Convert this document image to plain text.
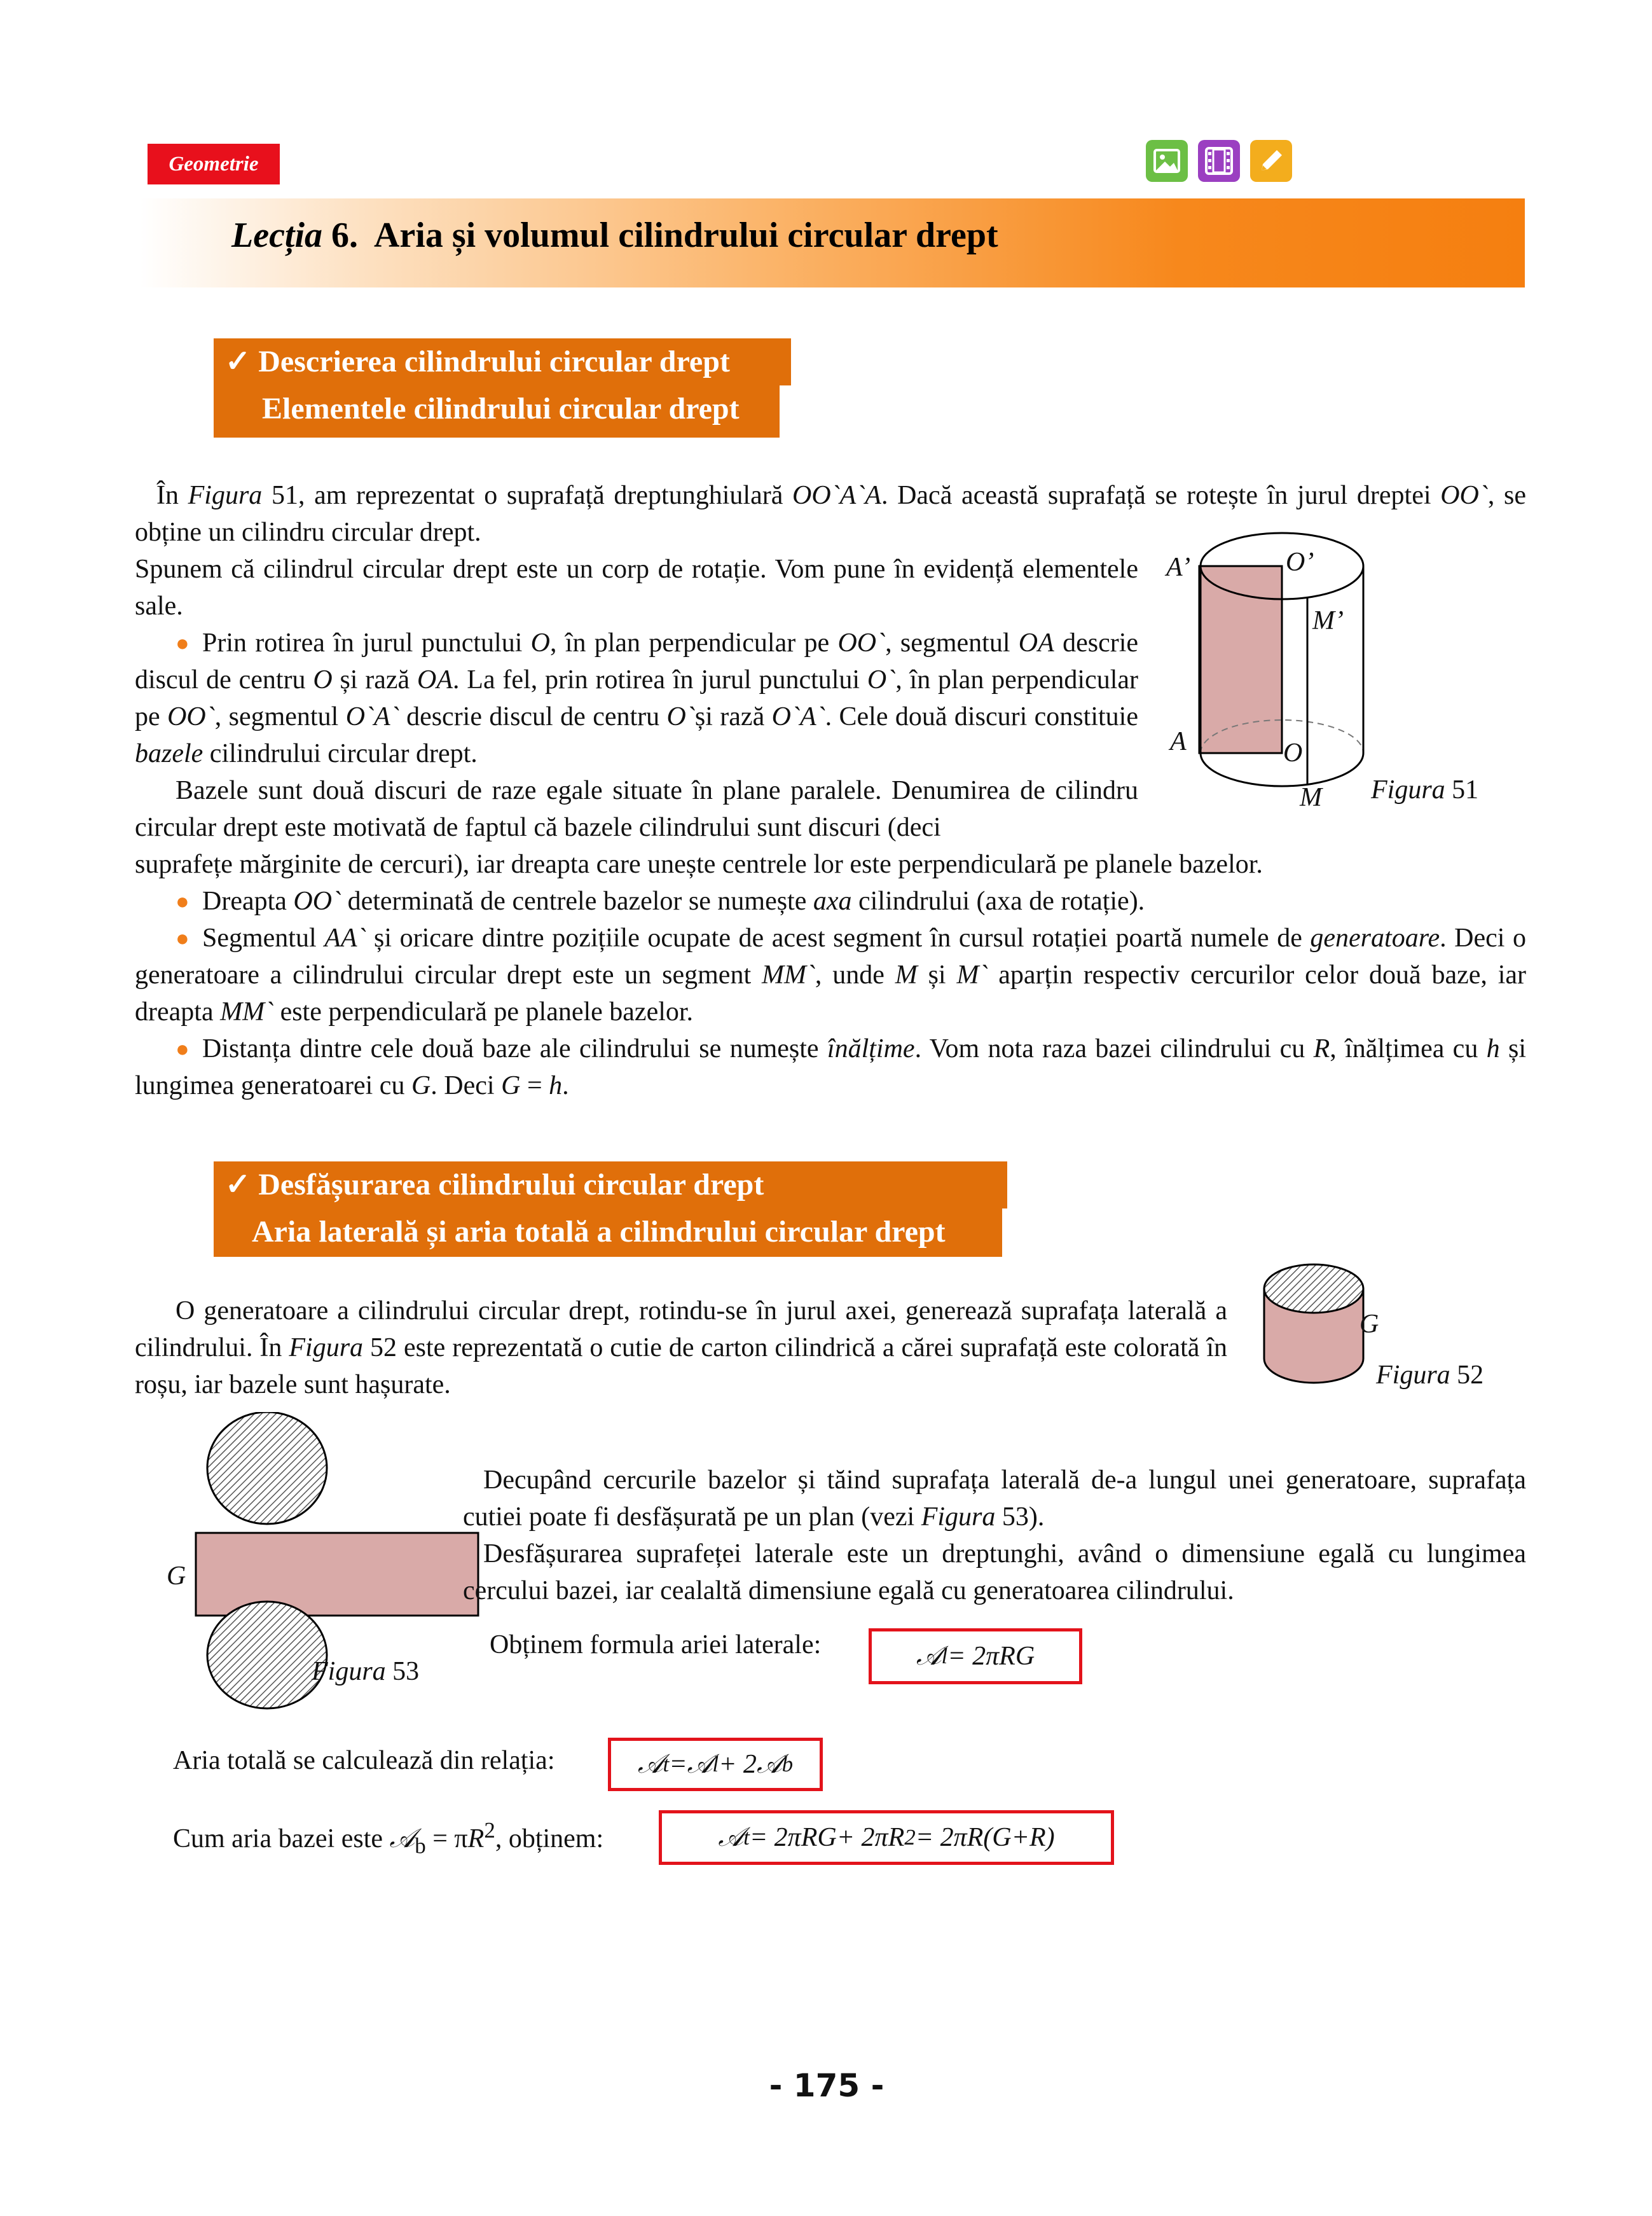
Geometrie
Lecția 6. Aria și volumul cilindrului circular drept
✓ Descrierea cilindrului circular drept
Elementele cilindrului circular drept
În Figura 51, am reprezentat o suprafață dreptunghiulară OO`A`A. Dacă această suprafață se rotește în jurul dreptei OO`, se obține un cilindru circular drept.
Spunem că cilindrul circular drept este un corp de rotație. Vom pune în evidență elementele sale.
● Prin rotirea în jurul punctului O, în plan perpendicular pe OO`, segmentul OA descrie discul de centru O și rază OA. La fel, prin rotirea în jurul punctului O`, în plan perpendicular pe OO`, segmentul O`A` descrie discul de centru O`și rază O`A`. Cele două discuri constituie bazele cilindrului circular drept.
Bazele sunt două discuri de raze egale situate în plane paralele. Denumirea de cilindru circular drept este motivată de faptul că bazele cilindrului sunt discuri (deci
suprafețe mărginite de cercuri), iar dreapta care unește centrele lor este perpendiculară pe planele bazelor.
● Dreapta OO` determinată de centrele bazelor se numește axa cilindrului (axa de rotație).
● Segmentul AA` și oricare dintre pozițiile ocupate de acest segment în cursul rotației poartă numele de generatoare. Deci o generatoare a cilindrului circular drept este un segment MM`, unde M și M` aparțin respectiv cercurilor celor două baze, iar dreapta MM` este perpendiculară pe planele bazelor.
● Distanța dintre cele două baze ale cilindrului se numește înălțime. Vom nota raza bazei cilindrului cu R, înălțimea cu h și lungimea generatoarei cu G. Deci G = h.
A’	O’
M’
A	O
M Figura 51
✓ Desfășurarea cilindrului circular drept
Aria laterală și aria totală a cilindrului circular drept
O generatoare a cilindrului circular drept, rotindu-se în jurul axei, generează suprafața laterală a cilindrului. În Figura 52 este reprezentată o cutie de carton cilindrică a cărei suprafață este colorată în roșu, iar bazele sunt hașurate.
G
Figura 52
G
Figura 53
Decupând cercurile bazelor și tăind suprafața laterală de-a lungul unei generatoare, suprafața cutiei poate fi desfășurată pe un plan (vezi Figura 53).
Desfășurarea suprafeței laterale este un dreptunghi, având o dimensiune egală cu lungimea cercului bazei, iar cealaltă dimensiune egală cu generatoarea cilindrului.
Obținem formula ariei laterale:	𝒜 l = 2π RG
Aria totală se calculează din relația:	𝒜 t = 𝒜 l + 2 𝒜 b
Cum aria bazei este 𝒜$_b$ = $\pi R^2$, obținem:	𝒜 t = 2π RG + 2π R 2 = 2π R ( G + R )
- 175 -
